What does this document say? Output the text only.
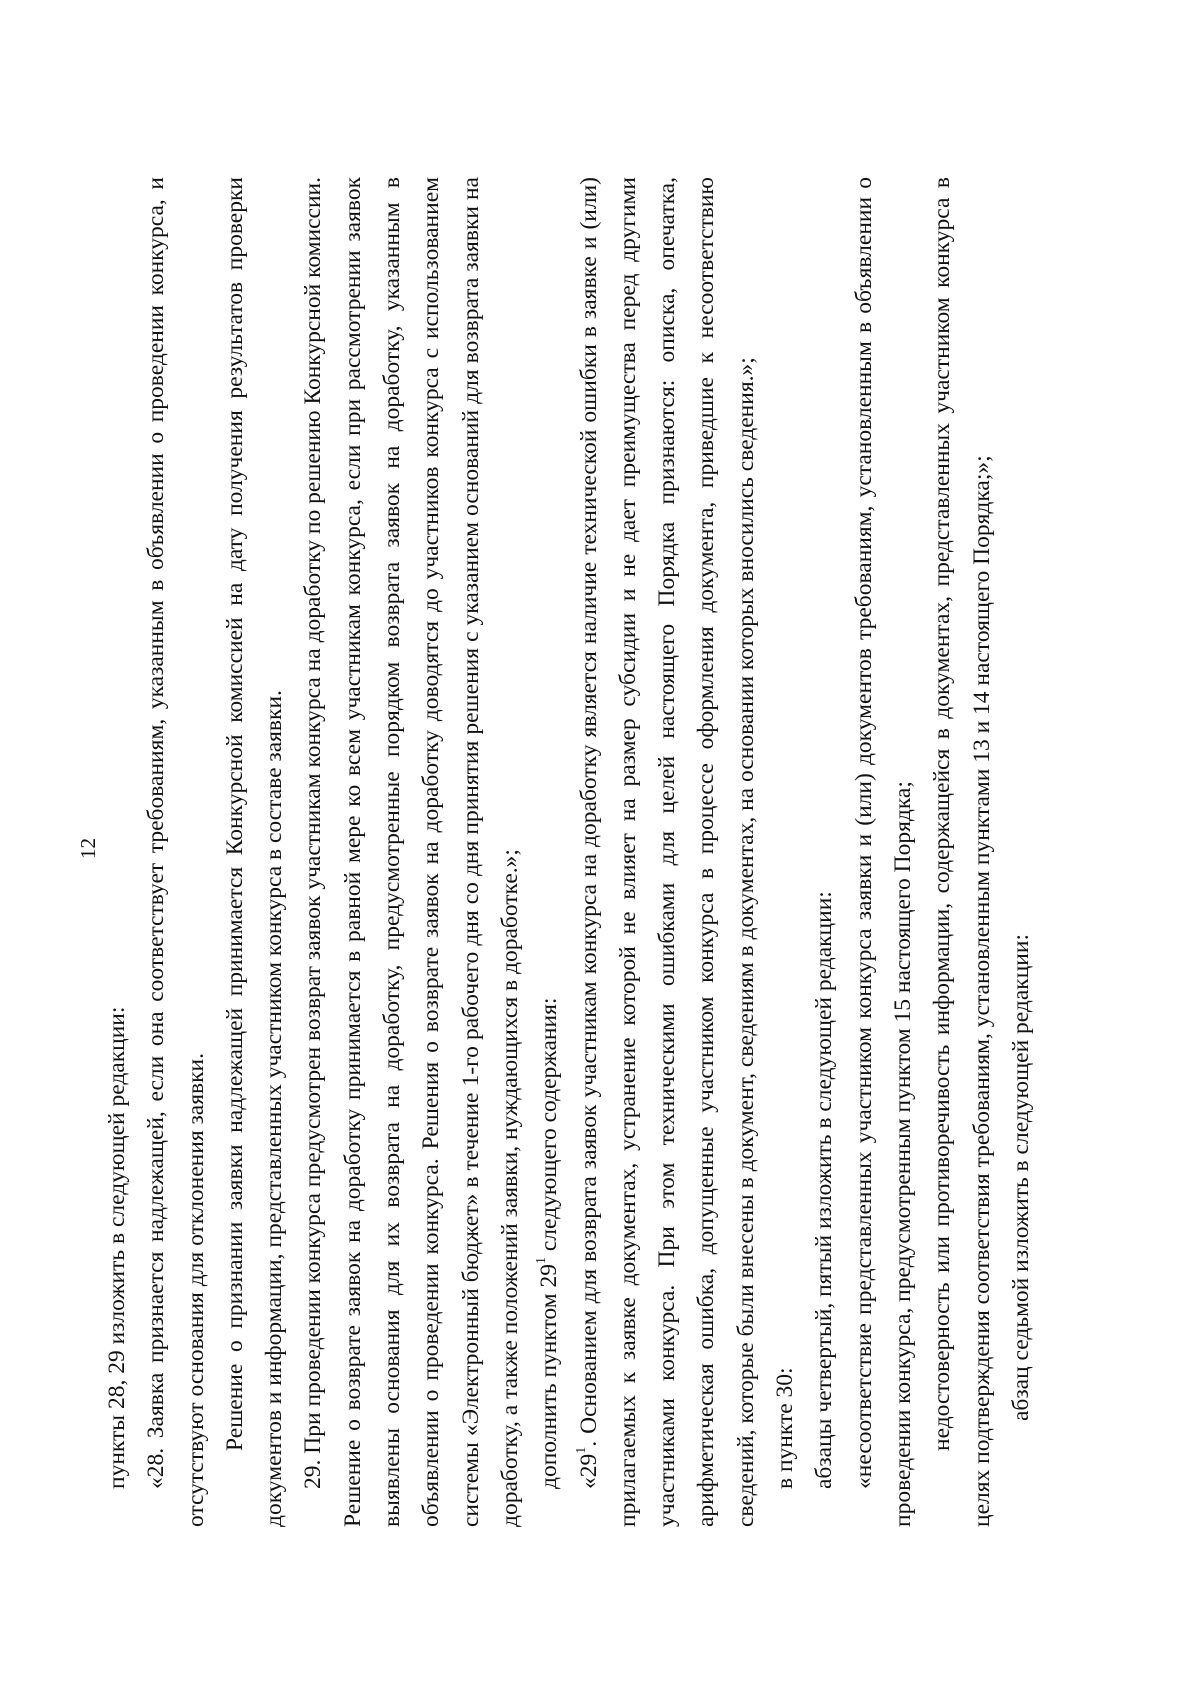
12

пункты 28, 29 изложить в следующей редакции: «28. Заявка признается надлежащей, если она соответствует требованиям, указанным в объявлении о проведении конкурса, и отсутствуют основания для отклонения заявки. Решение о признании заявки надлежащей принимается Конкурсной комиссией на дату получения результатов проверки документов и информации, представленных участником конкурса в составе заявки. 29. При проведении конкурса предусмотрен возврат заявок участникам конкурса на доработку по решению Конкурсной комиссии. Решение о возврате заявок на доработку принимается в равной мере ко всем участникам конкурса, если при рассмотрении заявок выявлены основания для их возврата на доработку, предусмотренные порядком возврата заявок на доработку, указанным в объявлении о проведении конкурса. Решения о возврате заявок на доработку доводятся до участников конкурса с использованием системы «Электронный бюджет» в течение 1-го рабочего дня со дня принятия решения с указанием оснований для возврата заявки на доработку, а также положений заявки, нуждающихся в доработке.»; дополнить пунктом $29^1$ следующего содержания:

«$29^1$. Основанием для возврата заявок участникам конкурса на доработку является наличие технической ошибки в заявке и (или) прилагаемых к заявке документах, устранение которой не влияет на размер субсидии и не дает преимущества перед другими участниками конкурса. При этом техническими ошибками для целей настоящего Порядка признаются: описка, опечатка, арифметическая ошибка, допущенные участником конкурса в процессе оформления документа, приведшие к несоответствию сведений, которые были внесены в документ, сведениям в документах, на основании которых вносились сведения.»; в пункте 30: абзацы четвертый, пятый изложить в следующей редакции: «несоответствие представленных участником конкурса заявки и (или) документов требованиям, установленным в объявлении о проведении конкурса, предусмотренным пунктом 15 настоящего Порядка; недостоверность или противоречивость информации, содержащейся в документах, представленных участником конкурса в целях подтверждения соответствия требованиям, установленным пунктами 13 и 14 настоящего Порядка;»; абзац седьмой изложить в следующей редакции:
